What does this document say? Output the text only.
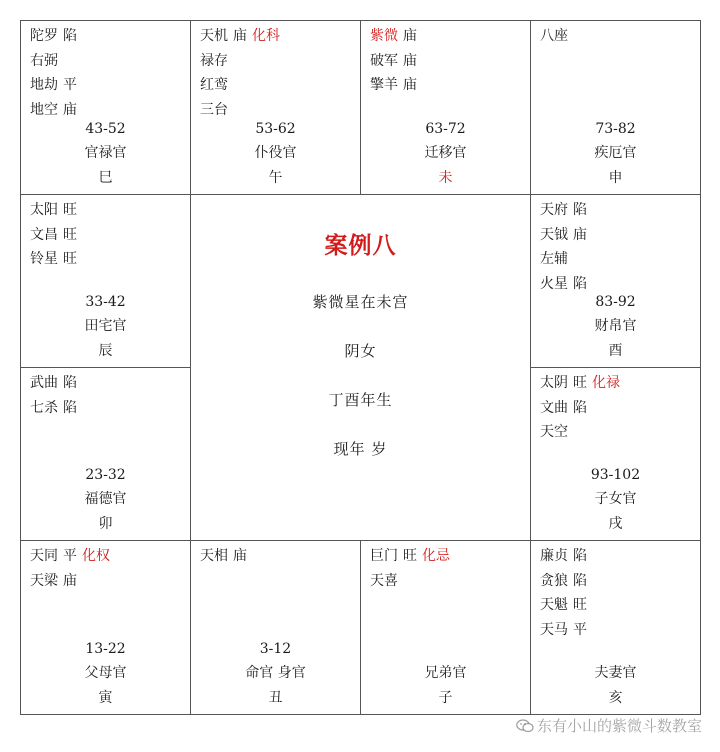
陀罗 陷
右弼
地劫 平
地空 庙
43-52
官禄官
巳
天机 庙 化科
禄存
红鸾
三台
53-62
仆役官
午
紫微 庙
破军 庙
擎羊 庙
63-72
迁移官
未
八座
73-82
疾厄官
申
太阳 旺
文昌 旺
铃星 旺
33-42
田宅官
辰
天府 陷
天钺 庙
左辅
火星 陷
83-92
财帛官
酉
武曲 陷
七杀 陷
23-32
福德官
卯
太阴 旺 化禄
文曲 陷
天空
93-102
子女官
戌
天同 平 化权
天梁 庙
13-22
父母官
寅
天相 庙
3-12
命官 身官
丑
巨门 旺 化忌
天喜
兄弟官
子
廉贞 陷
贪狼 陷
天魁 旺
天马 平
夫妻官
亥
案例八
紫微星在未宫
阴女
丁酉年生
现年 岁
东有小山的紫微斗数教室
